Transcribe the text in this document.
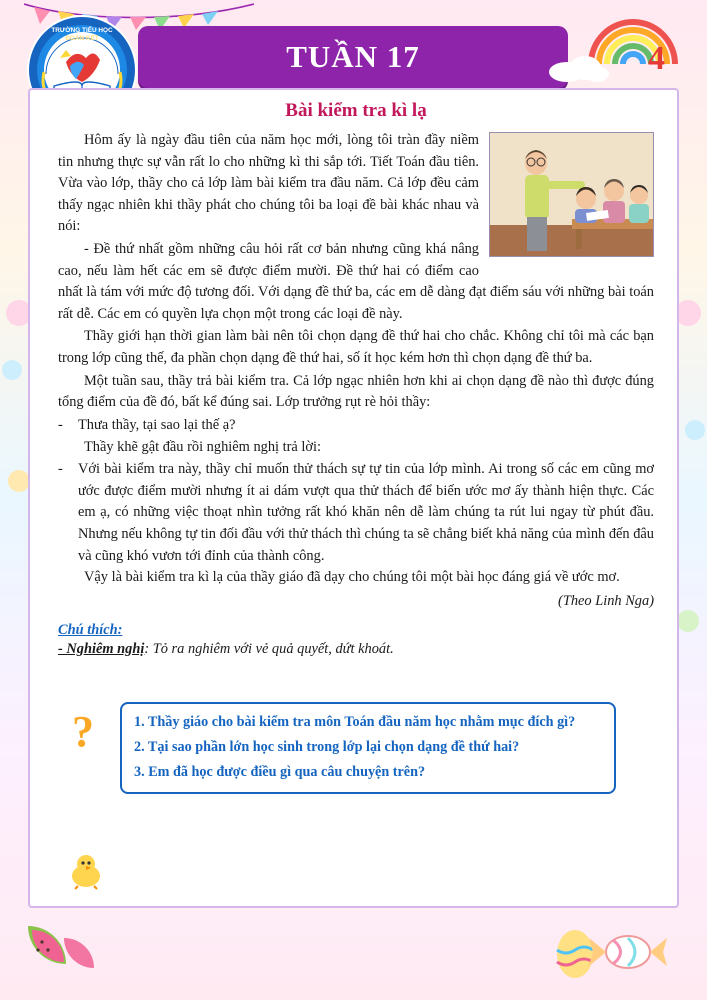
TRƯỜNG TIỂU HỌC
ĐOÀN KẾT
TUẦN 17	4
Bài kiểm tra kì lạ

Hôm ấy là ngày đầu tiên của năm học mới, lòng tôi tràn đầy niềm tin nhưng thực sự vẫn rất lo cho những kì thi sắp tới. Tiết Toán đầu tiên. Vừa vào lớp, thầy cho cả lớp làm bài kiểm tra đầu năm. Cả lớp đều cảm thấy ngạc nhiên khi thầy phát cho chúng tôi ba loại đề bài khác nhau và nói:

- Đề thứ nhất gồm những câu hỏi rất cơ bản nhưng cũng khá nâng cao, nếu làm hết các em sẽ được điểm mười. Đề thứ hai có điểm cao nhất là tám với mức độ tương đối. Với dạng đề thứ ba, các em dễ dàng đạt điểm sáu với những bài toán rất dễ. Các em có quyền lựa chọn một trong các loại đề này.

Thầy giới hạn thời gian làm bài nên tôi chọn dạng đề thứ hai cho chắc. Không chỉ tôi mà các bạn trong lớp cũng thế, đa phần chọn dạng đề thứ hai, số ít học kém hơn thì chọn dạng đề thứ ba.

Một tuần sau, thầy trả bài kiểm tra. Cả lớp ngạc nhiên hơn khi ai chọn dạng đề nào thì được đúng tổng điểm của đề đó, bất kể đúng sai. Lớp trưởng rụt rè hỏi thầy:

-	Thưa thầy, tại sao lại thế ạ?

Thầy khẽ gật đầu rồi nghiêm nghị trả lời:

-	Với bài kiểm tra này, thầy chỉ muốn thử thách sự tự tin của lớp mình. Ai trong số các em cũng mơ ước được điểm mười nhưng ít ai dám vượt qua thử thách để biến ước mơ ấy thành hiện thực. Các em ạ, có những việc thoạt nhìn tưởng rất khó khăn nên dễ làm chúng ta rút lui ngay từ phút đầu. Nhưng nếu không tự tin đối đầu với thử thách thì chúng ta sẽ chẳng biết khả năng của mình đến đâu và cũng khó vươn tới đỉnh của thành công.

Vậy là bài kiểm tra kì lạ của thầy giáo đã dạy cho chúng tôi một bài học đáng giá về ước mơ.

(Theo Linh Nga)
Chú thích:
- Nghiêm nghị: Tỏ ra nghiêm với vẻ quả quyết, dứt khoát.
?	1. Thầy giáo cho bài kiểm tra môn Toán đầu năm học nhằm mục đích gì?

2. Tại sao phần lớn học sinh trong lớp lại chọn dạng đề thứ hai?

3. Em đã học được điều gì qua câu chuyện trên?
